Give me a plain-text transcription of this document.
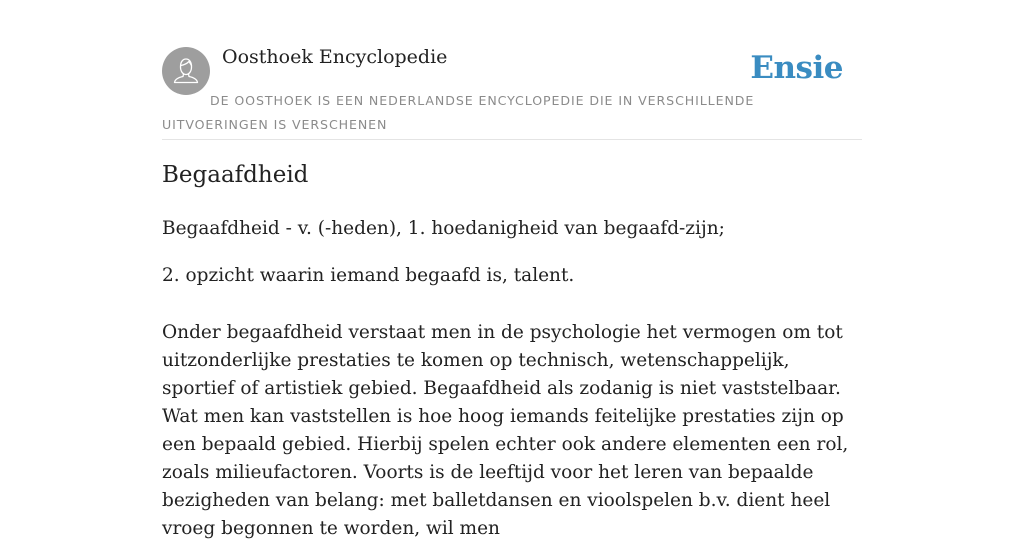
Oosthoek Encyclopedie	Ensie
DE OOSTHOEK IS EEN NEDERLANDSE ENCYCLOPEDIE DIE IN VERSCHILLENDE UITVOERINGEN IS VERSCHENEN
Begaafdheid

Begaafdheid - v. (-heden), 1. hoedanigheid van begaafd-zijn;

2. opzicht waarin iemand begaafd is, talent.

Onder begaafdheid verstaat men in de psychologie het vermogen om tot uitzonderlijke prestaties te komen op technisch, wetenschappelijk, sportief of artistiek gebied. Begaafdheid als zodanig is niet vaststelbaar. Wat men kan vaststellen is hoe hoog iemands feitelijke prestaties zijn op een bepaald gebied. Hierbij spelen echter ook andere elementen een rol, zoals milieufactoren. Voorts is de leeftijd voor het leren van bepaalde bezigheden van belang: met balletdansen en vioolspelen b.v. dient heel vroeg begonnen te worden, wil men
